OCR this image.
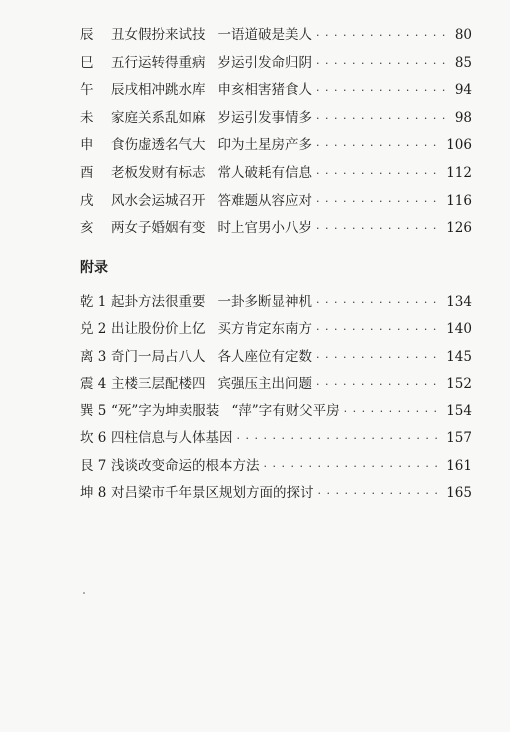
辰	丑女假扮来试技 一语道破是美人 · · ·	80
巳	五行运转得重病 岁运引发命归阴 · · ·	85
午	辰戌相冲跳水库 申亥相害猪食人 · · ·	94
未	家庭关系乱如麻 岁运引发事情多 · · ·	98
申	食伤虚透名气大 印为土星房产多 · · ·	106
酉	老板发财有标志 常人破耗有信息 · · ·	112
戌	风水会运城召开 答难题从容应对 · · ·	116
亥	两女子婚姻有变 时上官男小八岁 · · ·	126
附录
乾 1 起卦方法很重要 一卦多断显神机 · · ·	134
兑 2 出让股份价上亿 买方肯定东南方 · · ·	140
离 3 奇门一局占八人 各人座位有定数 · · ·	145
震 4 主楼三层配楼四 宾强压主出问题 · · ·	152
巽 5 “死”字为坤卖服装 “萍”字有财父平房 · · ·	154
坎 6 四柱信息与人体基因 · · ·	157
艮 7 浅谈改变命运的根本方法 · · ·	161
坤 8 对吕梁市千年景区规划方面的探讨 · · ·	165
